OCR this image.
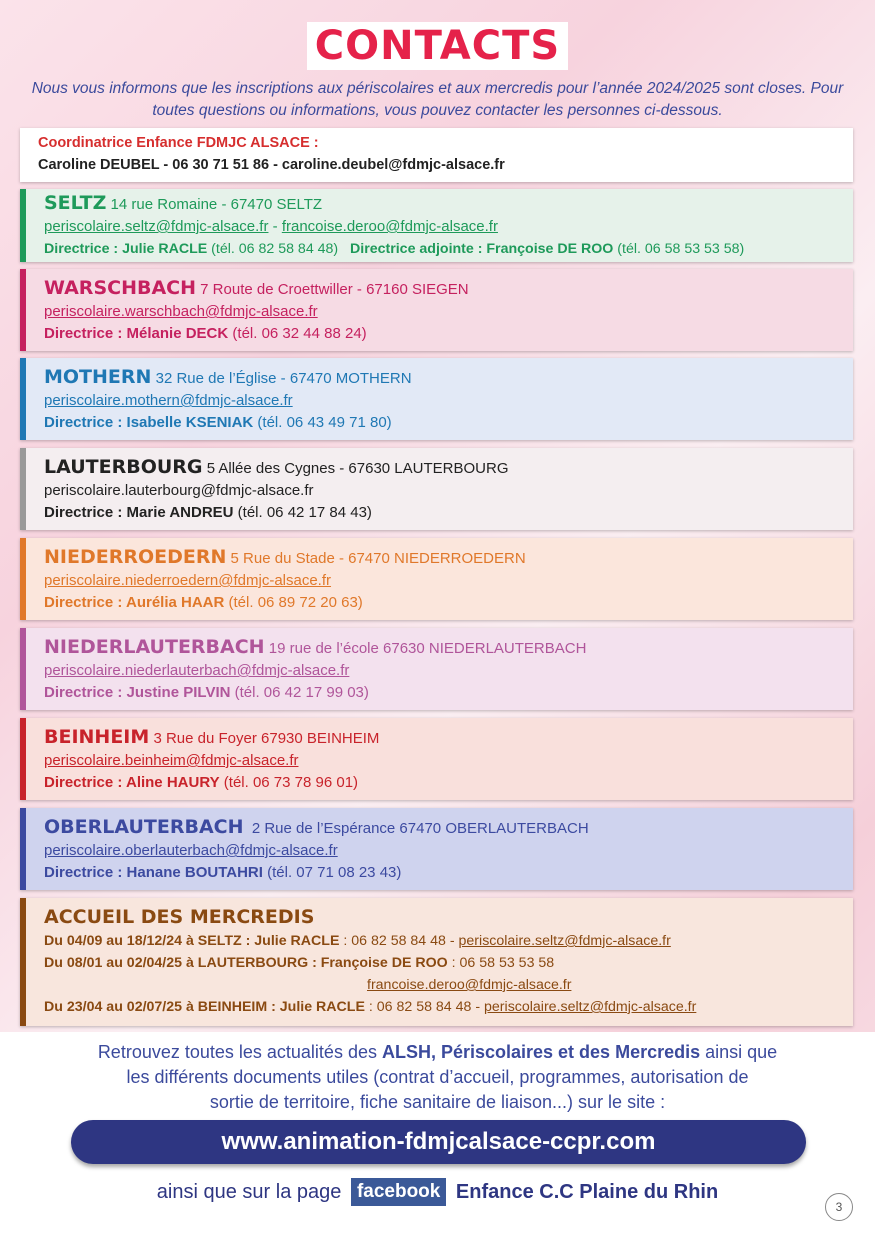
CONTACTS
Nous vous informons que les inscriptions aux périscolaires et aux mercredis pour l’année 2024/2025 sont closes. Pour toutes questions ou informations, vous pouvez contacter les personnes ci-dessous.
Coordinatrice Enfance FDMJC ALSACE :
Caroline DEUBEL - 06 30 71 51 86 - caroline.deubel@fdmjc-alsace.fr
SELTZ 14 rue Romaine - 67470 SELTZ
periscolaire.seltz@fdmjc-alsace.fr - francoise.deroo@fdmjc-alsace.fr
Directrice : Julie RACLE (tél. 06 82 58 84 48) Directrice adjointe : Françoise DE ROO (tél. 06 58 53 53 58)
WARSCHBACH 7 Route de Croettwiller - 67160 SIEGEN
periscolaire.warschbach@fdmjc-alsace.fr
Directrice : Mélanie DECK (tél. 06 32 44 88 24)
MOTHERN 32 Rue de l’Église - 67470 MOTHERN
periscolaire.mothern@fdmjc-alsace.fr
Directrice : Isabelle KSENIAK (tél. 06 43 49 71 80)
LAUTERBOURG 5 Allée des Cygnes - 67630 LAUTERBOURG
periscolaire.lauterbourg@fdmjc-alsace.fr
Directrice : Marie ANDREU (tél. 06 42 17 84 43)
NIEDERROEDERN 5 Rue du Stade - 67470 NIEDERROEDERN
periscolaire.niederroedern@fdmjc-alsace.fr
Directrice : Aurélia HAAR (tél. 06 89 72 20 63)
NIEDERLAUTERBACH 19 rue de l’école 67630 NIEDERLAUTERBACH
periscolaire.niederlauterbach@fdmjc-alsace.fr
Directrice : Justine PILVIN (tél. 06 42 17 99 03)
BEINHEIM 3 Rue du Foyer 67930 BEINHEIM
periscolaire.beinheim@fdmjc-alsace.fr
Directrice : Aline HAURY (tél. 06 73 78 96 01)
OBERLAUTERBACH 2 Rue de l’Espérance 67470 OBERLAUTERBACH
periscolaire.oberlauterbach@fdmjc-alsace.fr
Directrice : Hanane BOUTAHRI (tél. 07 71 08 23 43)
ACCUEIL DES MERCREDIS
Du 04/09 au 18/12/24 à SELTZ : Julie RACLE : 06 82 58 84 48 - periscolaire.seltz@fdmjc-alsace.fr
Du 08/01 au 02/04/25 à LAUTERBOURG : Françoise DE ROO : 06 58 53 53 58
francoise.deroo@fdmjc-alsace.fr
Du 23/04 au 02/07/25 à BEINHEIM : Julie RACLE : 06 82 58 84 48 - periscolaire.seltz@fdmjc-alsace.fr
Retrouvez toutes les actualités des ALSH, Périscolaires et des Mercredis ainsi que
les différents documents utiles (contrat d’accueil, programmes, autorisation de
sortie de territoire, fiche sanitaire de liaison...) sur le site :
www.animation-fdmjcalsace-ccpr.com
ainsi que sur la page facebook Enfance C.C Plaine du Rhin
3
